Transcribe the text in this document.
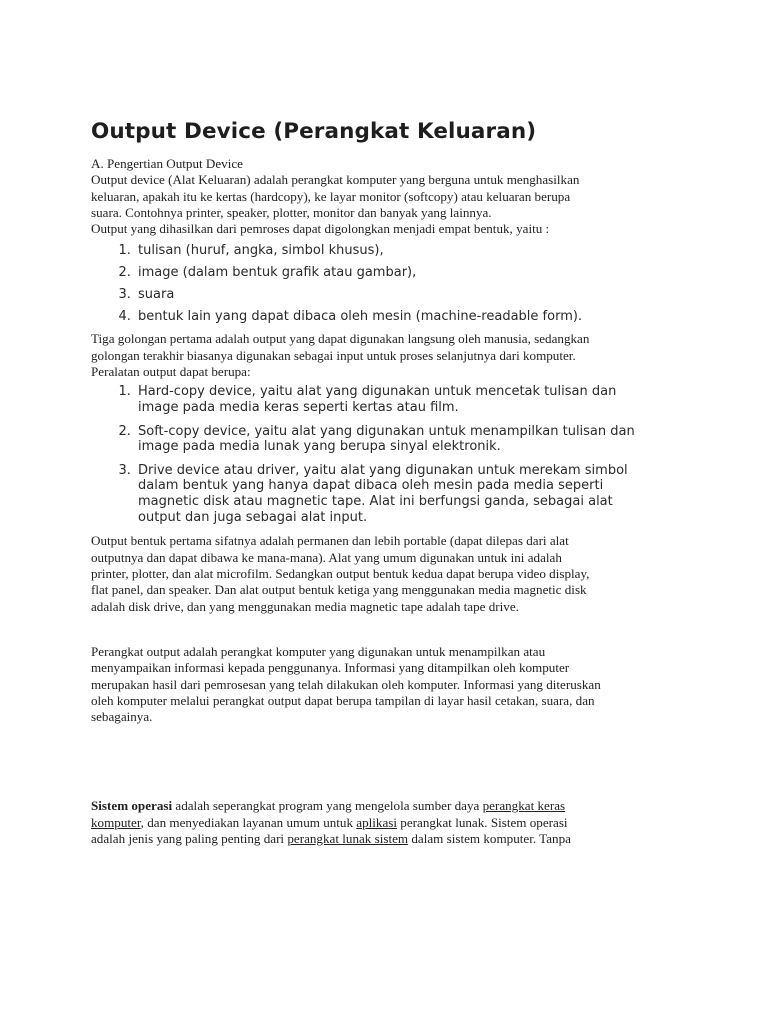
Output Device (Perangkat Keluaran)

A. Pengertian Output Device

Output device (Alat Keluaran) adalah perangkat komputer yang berguna untuk menghasilkan

keluaran, apakah itu ke kertas (hardcopy), ke layar monitor (softcopy) atau keluaran berupa

suara. Contohnya printer, speaker, plotter, monitor dan banyak yang lainnya.

Output yang dihasilkan dari pemroses dapat digolongkan menjadi empat bentuk, yaitu :

1. tulisan (huruf, angka, simbol khusus),
2. image (dalam bentuk grafik atau gambar),
3. suara
4. bentuk lain yang dapat dibaca oleh mesin (machine-readable form).

Tiga golongan pertama adalah output yang dapat digunakan langsung oleh manusia, sedangkan

golongan terakhir biasanya digunakan sebagai input untuk proses selanjutnya dari komputer.

Peralatan output dapat berupa:

1. Hard-copy device, yaitu alat yang digunakan untuk mencetak tulisan dan
image pada media keras seperti kertas atau film.
2. Soft-copy device, yaitu alat yang digunakan untuk menampilkan tulisan dan
image pada media lunak yang berupa sinyal elektronik.
3. Drive device atau driver, yaitu alat yang digunakan untuk merekam simbol
dalam bentuk yang hanya dapat dibaca oleh mesin pada media seperti
magnetic disk atau magnetic tape. Alat ini berfungsi ganda, sebagai alat
output dan juga sebagai alat input.

Output bentuk pertama sifatnya adalah permanen dan lebih portable (dapat dilepas dari alat

outputnya dan dapat dibawa ke mana-mana). Alat yang umum digunakan untuk ini adalah

printer, plotter, dan alat microfilm. Sedangkan output bentuk kedua dapat berupa video display,

flat panel, dan speaker. Dan alat output bentuk ketiga yang menggunakan media magnetic disk

adalah disk drive, dan yang menggunakan media magnetic tape adalah tape drive.

Perangkat output adalah perangkat komputer yang digunakan untuk menampilkan atau

menyampaikan informasi kepada penggunanya. Informasi yang ditampilkan oleh komputer

merupakan hasil dari pemrosesan yang telah dilakukan oleh komputer. Informasi yang diteruskan

oleh komputer melalui perangkat output dapat berupa tampilan di layar hasil cetakan, suara, dan

sebagainya.

Sistem operasi adalah seperangkat program yang mengelola sumber daya perangkat keras

komputer, dan menyediakan layanan umum untuk aplikasi perangkat lunak. Sistem operasi

adalah jenis yang paling penting dari perangkat lunak sistem dalam sistem komputer. Tanpa
